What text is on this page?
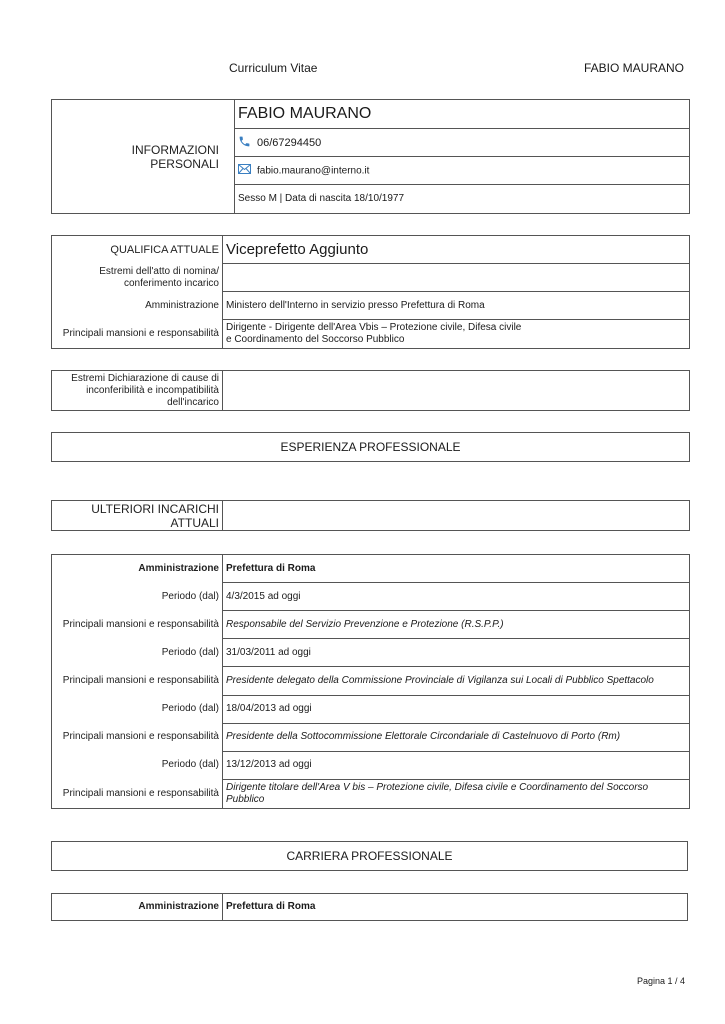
Curriculum Vitae	FABIO MAURANO
INFORMAZIONI PERSONALI	FABIO MAURANO
06/67294450
fabio.maurano@interno.it
Sesso M | Data di nascita 18/10/1977
QUALIFICA ATTUALE	Viceprefetto Aggiunto
Estremi dell'atto di nomina/ conferimento incarico	
Amministrazione	Ministero dell'Interno in servizio presso Prefettura di Roma
Principali mansioni e responsabilità	Dirigente - Dirigente dell'Area Vbis – Protezione civile, Difesa civile e Coordinamento del Soccorso Pubblico
Estremi Dichiarazione di cause di inconferibilità e incompatibilità dell'incarico	
ESPERIENZA PROFESSIONALE
ULTERIORI INCARICHI ATTUALI	
Amministrazione	Prefettura di Roma
Periodo (dal)	4/3/2015 ad oggi
Principali mansioni e responsabilità	Responsabile del Servizio Prevenzione e Protezione (R.S.P.P.)
Periodo (dal)	31/03/2011 ad oggi
Principali mansioni e responsabilità	Presidente delegato della Commissione Provinciale di Vigilanza sui Locali di Pubblico Spettacolo
Periodo (dal)	18/04/2013 ad oggi
Principali mansioni e responsabilità	Presidente della Sottocommissione Elettorale Circondariale di Castelnuovo di Porto (Rm)
Periodo (dal)	13/12/2013 ad oggi
Principali mansioni e responsabilità	Dirigente titolare dell'Area V bis – Protezione civile, Difesa civile e Coordinamento del Soccorso Pubblico
CARRIERA PROFESSIONALE
Amministrazione	Prefettura di Roma
Pagina 1 / 4
